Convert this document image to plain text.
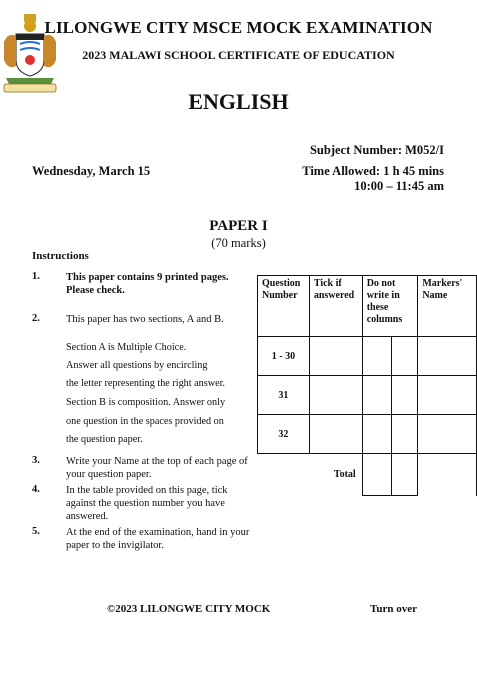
LILONGWE CITY MSCE MOCK EXAMINATION
2023 MALAWI SCHOOL CERTIFICATE OF EDUCATION
ENGLISH
Subject Number: M052/I
Wednesday, March 15	Time Allowed: 1 h 45 mins
10:00 – 11:45 am
PAPER I
(70 marks)
Instructions
1. This paper contains 9 printed pages. Please check.
2. This paper has two sections, A and B.
Section A is Multiple Choice.
Answer all questions by encircling
the letter representing the right answer.
Section B is composition. Answer only
one question in the spaces provided on
the question paper.
3. Write your Name at the top of each page of your question paper.
4. In the table provided on this page, tick against the question number you have answered.
5. At the end of the examination, hand in your paper to the invigilator.
Question Number	Tick if answered	Do not write in these columns		Markers' Name
1 - 30				
31				
32				
	Total			
©2023 LILONGWE CITY MOCK	Turn over
